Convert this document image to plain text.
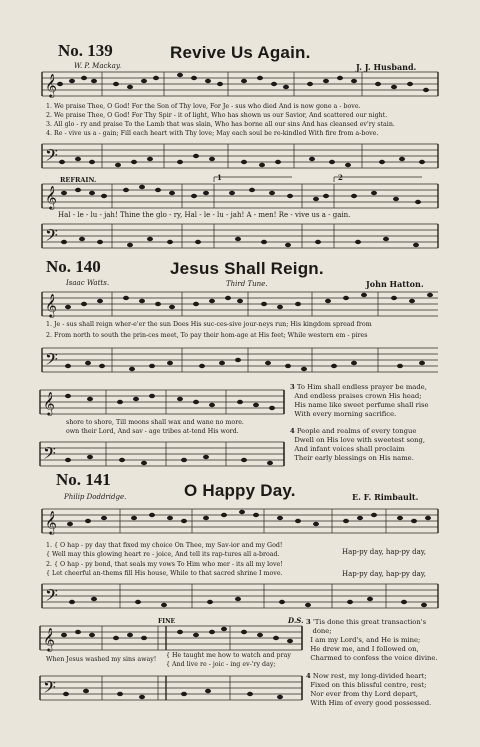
No. 139	Revive Us Again.
W. P. Mackay.	J. J. Husband.
𝄞
1. We praise Thee, O God! For the Son of Thy love, For Je - sus who died And is now gone a - bove.
2. We praise Thee, O God! For Thy Spir - it of light, Who has shown us our Savior, And scattered our night.
3. All glo - ry and praise To the Lamb that was slain, Who has borne all our sins And has cleansed ev'ry stain.
4. Re - vive us a - gain; Fill each heart with Thy love; May each soul be re-kindled With fire from a-bove.
𝄢
REFRAIN.	1	2
𝄞
Hal - le - lu - jah! Thine the glo - ry, Hal - le - lu - jah! A - men! Re - vive us a - gain.
𝄢
No. 140	Jesus Shall Reign.
Isaac Watts.	Third Tune.	John Hatton.
𝄞
1. Je - sus shall reign wher-e'er the sun Does His suc-ces-sive jour-neys run; His kingdom spread from
2. From north to south the prin-ces meet, To pay their hom-age at His feet; While western em - pires
𝄢
𝄞
shore to shore, Till moons shall wax and wane no more.
own their Lord, And sav - age tribes at-tend His word.
𝄢
3 To Him shall endless prayer be made,
And endless praises crown His head;
His name like sweet perfume shall rise
With every morning sacrifice.
4 People and realms of every tongue
Dwell on His love with sweetest song,
And infant voices shall proclaim
Their early blessings on His name.
No. 141
O Happy Day.
Philip Doddridge.	E. F. Rimbault.
𝄞
1. { O hap - py day that fixed my choice On Thee, my Sav-ior and my God!
{ Well may this glowing heart re - joice, And tell its rap-tures all a-broad.
2. { O hap - py bond, that seals my vows To Him who mer - its all my love!
{ Let cheerful an-thems fill His house, While to that sacred shrine I move.
Hap-py day, hap-py day,
Hap-py day, hap-py day,
𝄢
FINE	D.S.
𝄞
When Jesus washed my sins away!
{ He taught me how to watch and pray
{ And live re - joic - ing ev-'ry day;
𝄢
3 'Tis done this great transaction's
done;
I am my Lord's, and He is mine;
He drew me, and I followed on,
Charmed to confess the voice divine.
4 Now rest, my long-divided heart;
Fixed on this blissful centre, rest;
Nor ever from thy Lord depart,
With Him of every good possessed.
